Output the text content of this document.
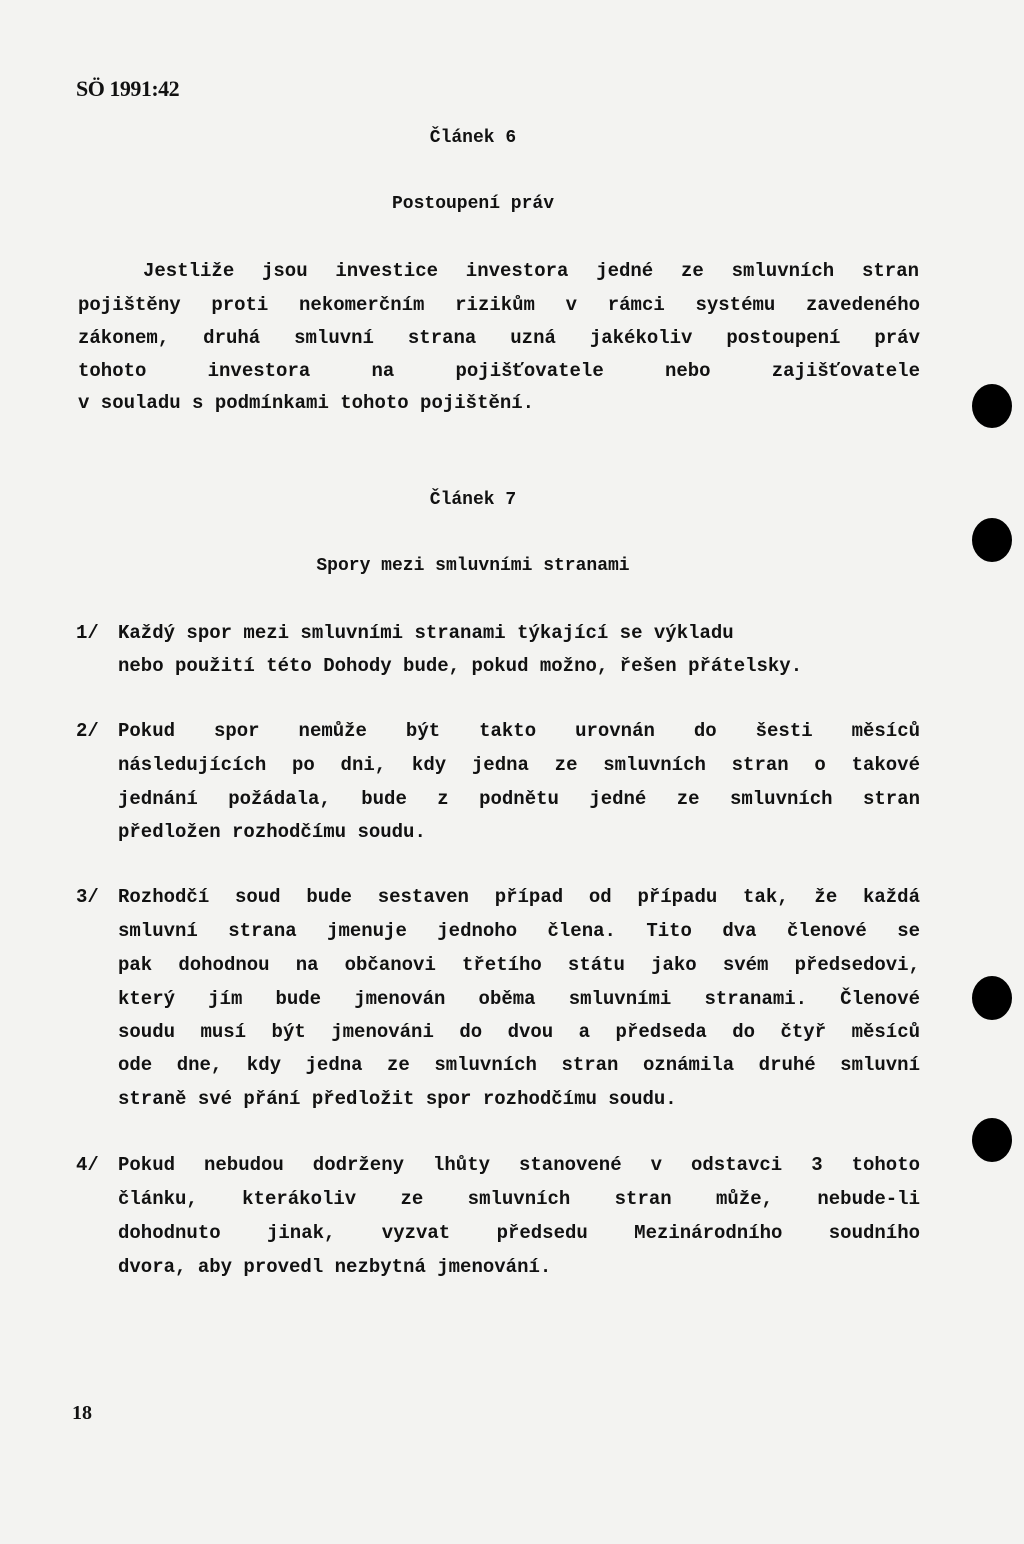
SÖ 1991:42
Článek 6
Postoupení práv
Jestliže jsou investice investora jedné ze smluvních stran
pojištěny proti nekomerčním rizikům v rámci systému zavedeného
zákonem, druhá smluvní strana uzná jakékoliv postoupení práv
tohoto investora na pojišťovatele nebo zajišťovatele
v souladu s podmínkami tohoto pojištění.
Článek 7
Spory mezi smluvními stranami
1/ Každý spor mezi smluvními stranami týkající se výkladu
nebo použití této Dohody bude, pokud možno, řešen přátelsky.
2/ Pokud spor nemůže být takto urovnán do šesti měsíců
následujících po dni, kdy jedna ze smluvních stran o takové
jednání požádala, bude z podnětu jedné ze smluvních stran
předložen rozhodčímu soudu.
3/ Rozhodčí soud bude sestaven případ od případu tak, že každá
smluvní strana jmenuje jednoho člena. Tito dva členové se
pak dohodnou na občanovi třetího státu jako svém předsedovi,
který jím bude jmenován oběma smluvními stranami. Členové
soudu musí být jmenováni do dvou a předseda do čtyř měsíců
ode dne, kdy jedna ze smluvních stran oznámila druhé smluvní
straně své přání předložit spor rozhodčímu soudu.
4/ Pokud nebudou dodrženy lhůty stanovené v odstavci 3 tohoto
článku, kterákoliv ze smluvních stran může, nebude-li
dohodnuto jinak, vyzvat předsedu Mezinárodního soudního
dvora, aby provedl nezbytná jmenování.
18
